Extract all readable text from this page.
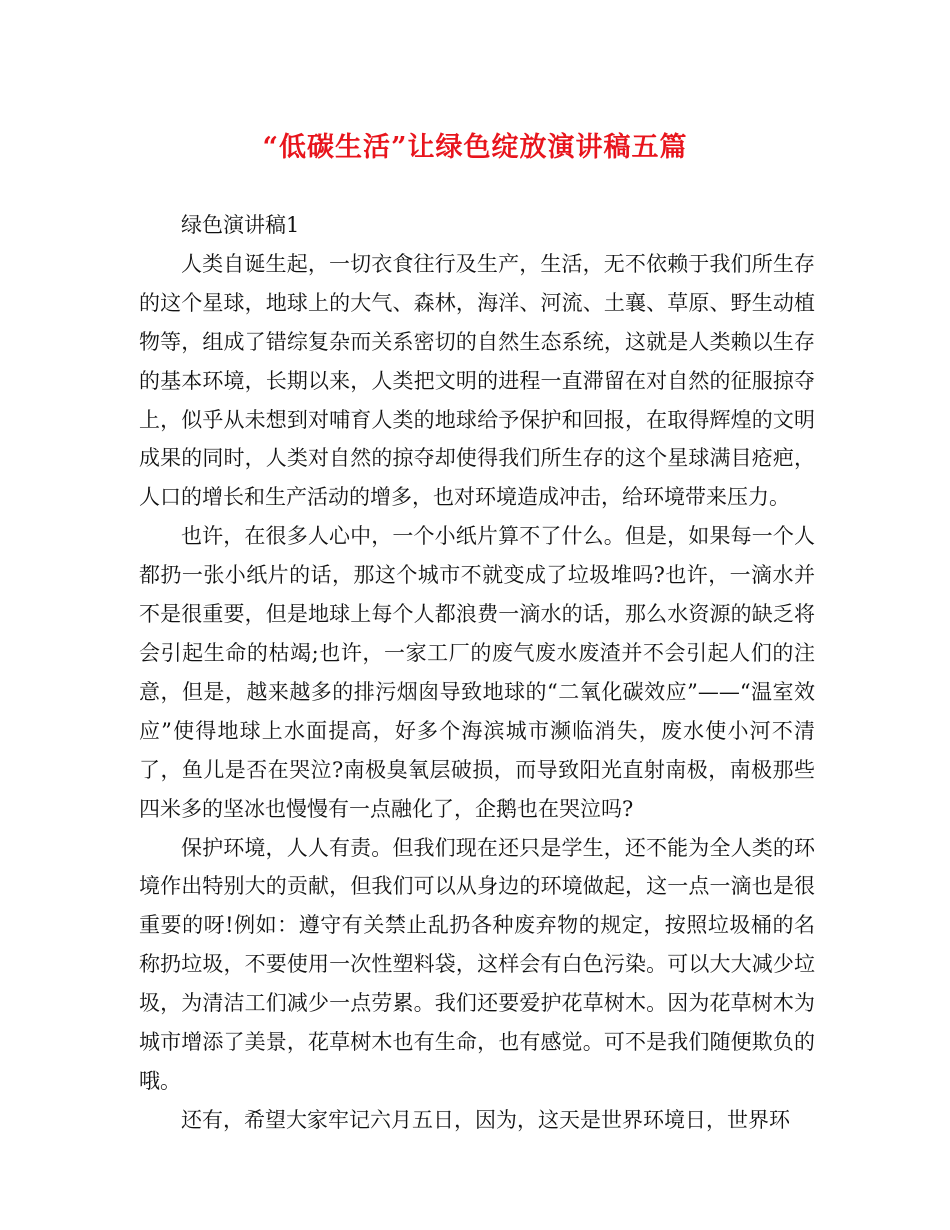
“低碳生活”让绿色绽放演讲稿五篇

绿色演讲稿1

人类自诞生起，一切衣食往行及生产，生活，无不依赖于我们所生存的这个星球，地球上的大气、森林，海洋、河流、土襄、草原、野生动植物等，组成了错综复杂而关系密切的自然生态系统，这就是人类赖以生存的基本环境，长期以来，人类把文明的进程一直滞留在对自然的征服掠夺上，似乎从未想到对哺育人类的地球给予保护和回报，在取得辉煌的文明成果的同时，人类对自然的掠夺却使得我们所生存的这个星球满目疮疤，人口的增长和生产活动的增多，也对环境造成冲击，给环境带来压力。

也许，在很多人心中，一个小纸片算不了什么。但是，如果每一个人都扔一张小纸片的话，那这个城市不就变成了垃圾堆吗?也许，一滴水并不是很重要，但是地球上每个人都浪费一滴水的话，那么水资源的缺乏将会引起生命的枯竭;也许，一家工厂的废气废水废渣并不会引起人们的注意，但是，越来越多的排污烟囱导致地球的“二氧化碳效应”——“温室效应”使得地球上水面提高，好多个海滨城市濒临消失，废水使小河不清了，鱼儿是否在哭泣?南极臭氧层破损，而导致阳光直射南极，南极那些四米多的坚冰也慢慢有一点融化了，企鹅也在哭泣吗?

保护环境，人人有责。但我们现在还只是学生，还不能为全人类的环境作出特别大的贡献，但我们可以从身边的环境做起，这一点一滴也是很重要的呀!例如：遵守有关禁止乱扔各种废弃物的规定，按照垃圾桶的名称扔垃圾，不要使用一次性塑料袋，这样会有白色污染。可以大大减少垃圾，为清洁工们减少一点劳累。我们还要爱护花草树木。因为花草树木为城市增添了美景，花草树木也有生命，也有感觉。可不是我们随便欺负的哦。

还有，希望大家牢记六月五日，因为，这天是世界环境日，世界环
